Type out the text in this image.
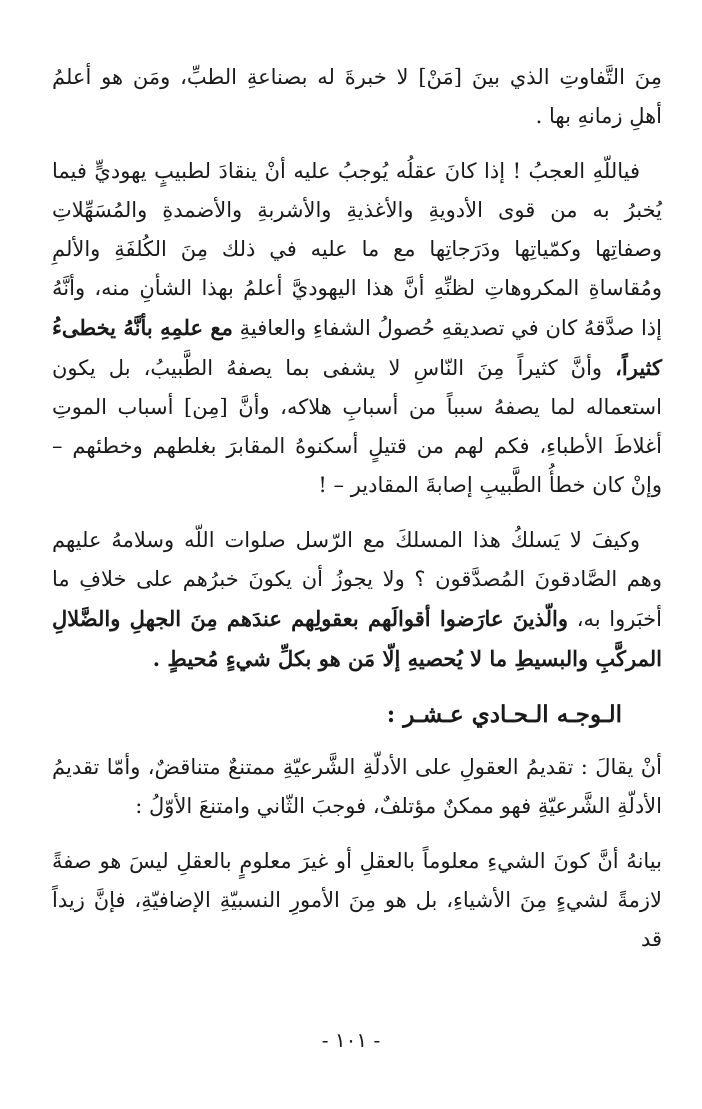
مِنَ التَّفاوتِ الذي بينَ [مَنْ] لا خبرةَ له بصناعةِ الطبِّ، ومَن هو أعلمُ أهلِ زمانهِ بها .

فياللّهِ العجبُ ! إذا كانَ عقلُه يُوجبُ عليه أنْ ينقادَ لطبيبٍ يهوديٍّ فيما يُخبرُ به من قوى الأدويةِ والأغذيةِ والأشربةِ والأضمدةِ والمُسَهِّلاتِ وصفاتِها وكمّياتِها ودَرَجاتِها مع ما عليه في ذلك مِنَ الكُلفَةِ والألمِ ومُقاساةِ المكروهاتِ لظنِّهِ أنَّ هذا اليهوديَّ أعلمُ بهذا الشأنِ منه، وأنَّهُ إذا صدَّقهُ كان في تصديقهِ حُصولُ الشفاءِ والعافيةِ مع علمِهِ بأنَّهُ يخطىءُ كثيراً، وأنَّ كثيراً مِنَ النّاسِ لا يشفى بما يصفهُ الطَّبيبُ، بل يكون استعماله لما يصفهُ سبباً من أسبابِ هلاكه، وأنَّ [مِن] أسباب الموتِ أغلاطَ الأطباءِ، فكم لهم من قتيلٍ أسكنوهُ المقابرَ بغلطهم وخطئهم – وإنْ كان خطأُ الطَّبيبِ إصابةَ المقادير – !

وكيفَ لا يَسلكُ هذا المسلكَ مع الرّسل صلوات اللّه وسلامهُ عليهم وهم الصَّادقونَ المُصدَّقون ؟ ولا يجوزُ أن يكونَ خبرُهم على خلافِ ما أخبَروا به، والّذينَ عارَضوا أقوالَهم بعقولِهم عندَهم مِنَ الجهلِ والضَّلالِ المركَّبِ والبسيطِ ما لا يُحصيهِ إلّا مَن هو بكلِّ شيءٍ مُحيطٍ .

الـوجـه الـحـادي عـشـر :

أنْ يقالَ : تقديمُ العقولِ على الأدلّةِ الشَّرعيّةِ ممتنعٌ متناقضٌ، وأمّا تقديمُ الأدلّةِ الشَّرعيّةِ فهو ممكنٌ مؤتلفٌ، فوجبَ الثّاني وامتنعَ الأوّلُ :

بيانهُ أنَّ كونَ الشيءِ معلوماً بالعقلِ أو غيرَ معلومٍ بالعقلِ ليسَ هو صفةً لازمةً لشيءٍ مِنَ الأشياءِ، بل هو مِنَ الأمورِ النسبيّةِ الإضافيّةِ، فإنَّ زيداً قد

- ١٠١ -
